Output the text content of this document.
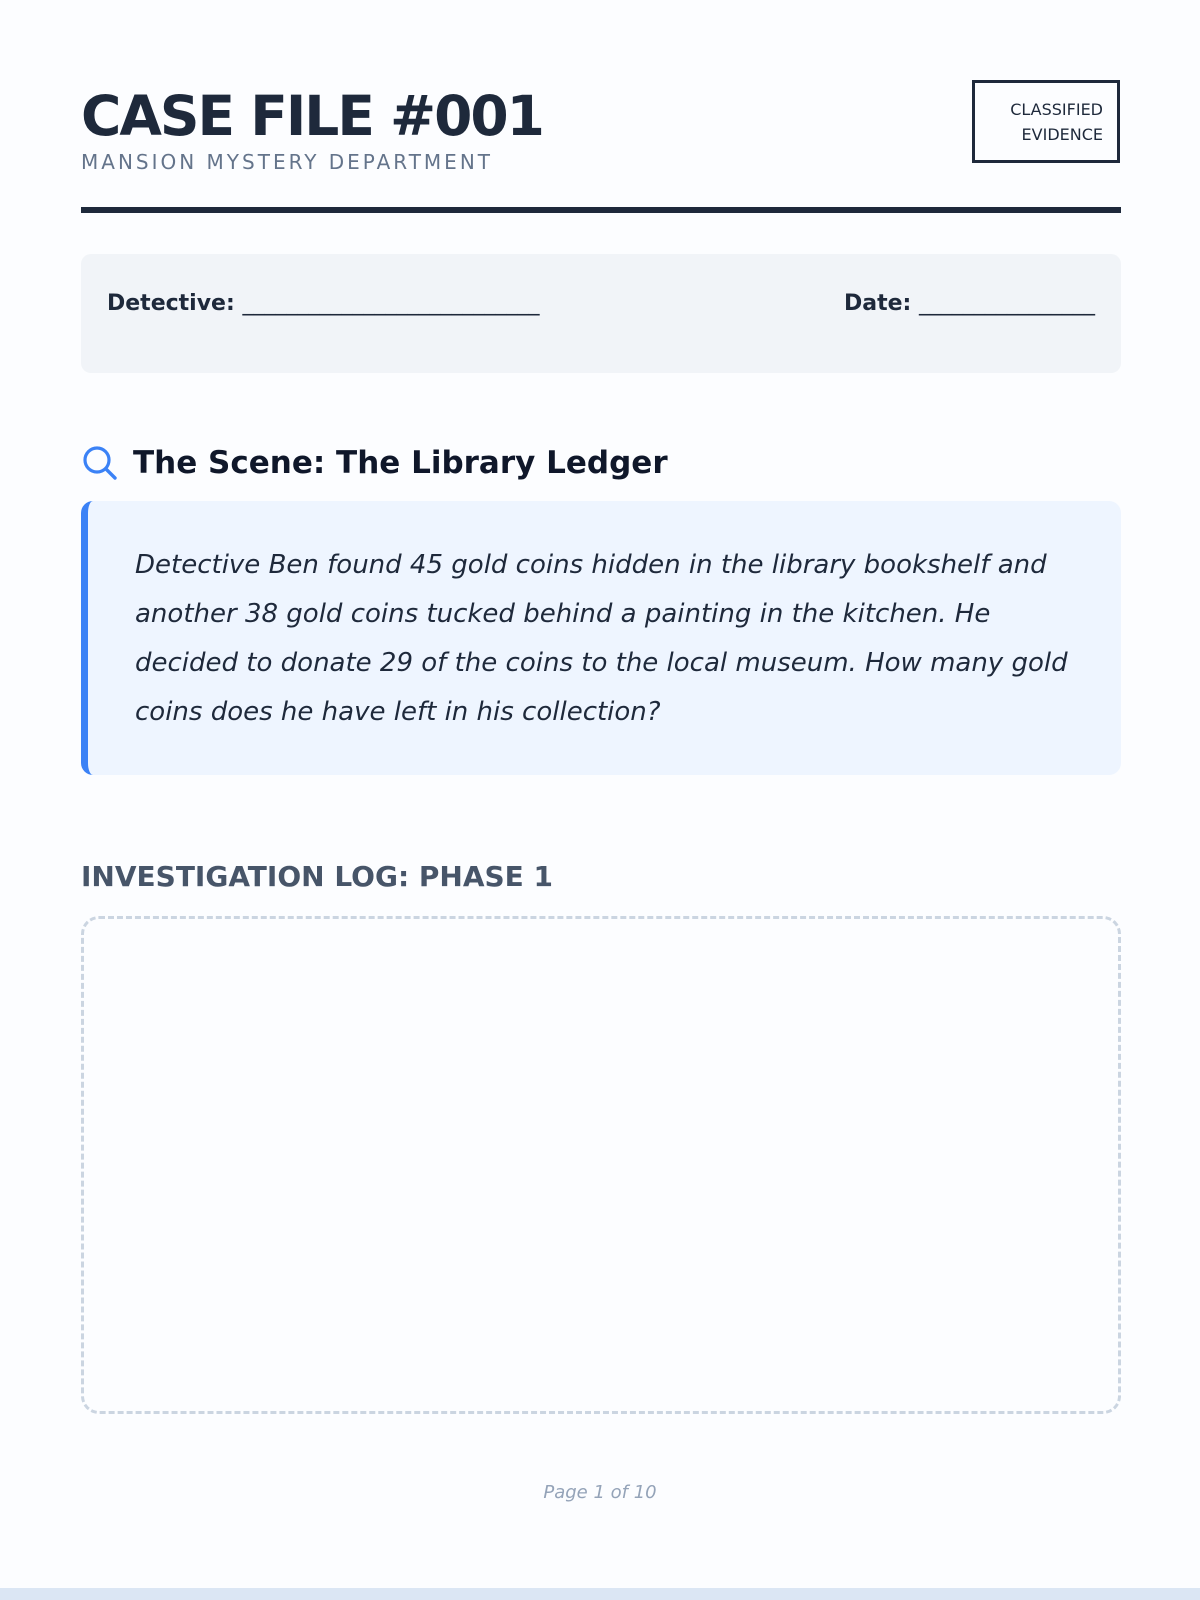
CASE FILE #001
MANSION MYSTERY DEPARTMENT
CLASSIFIED
EVIDENCE
Detective: ___________________________	Date: ________________
The Scene: The Library Ledger

Detective Ben found 45 gold coins hidden in the library bookshelf and another 38 gold coins tucked behind a painting in the kitchen. He decided to donate 29 of the coins to the local museum. How many gold coins does he have left in his collection?

INVESTIGATION LOG: PHASE 1
Page 1 of 10
